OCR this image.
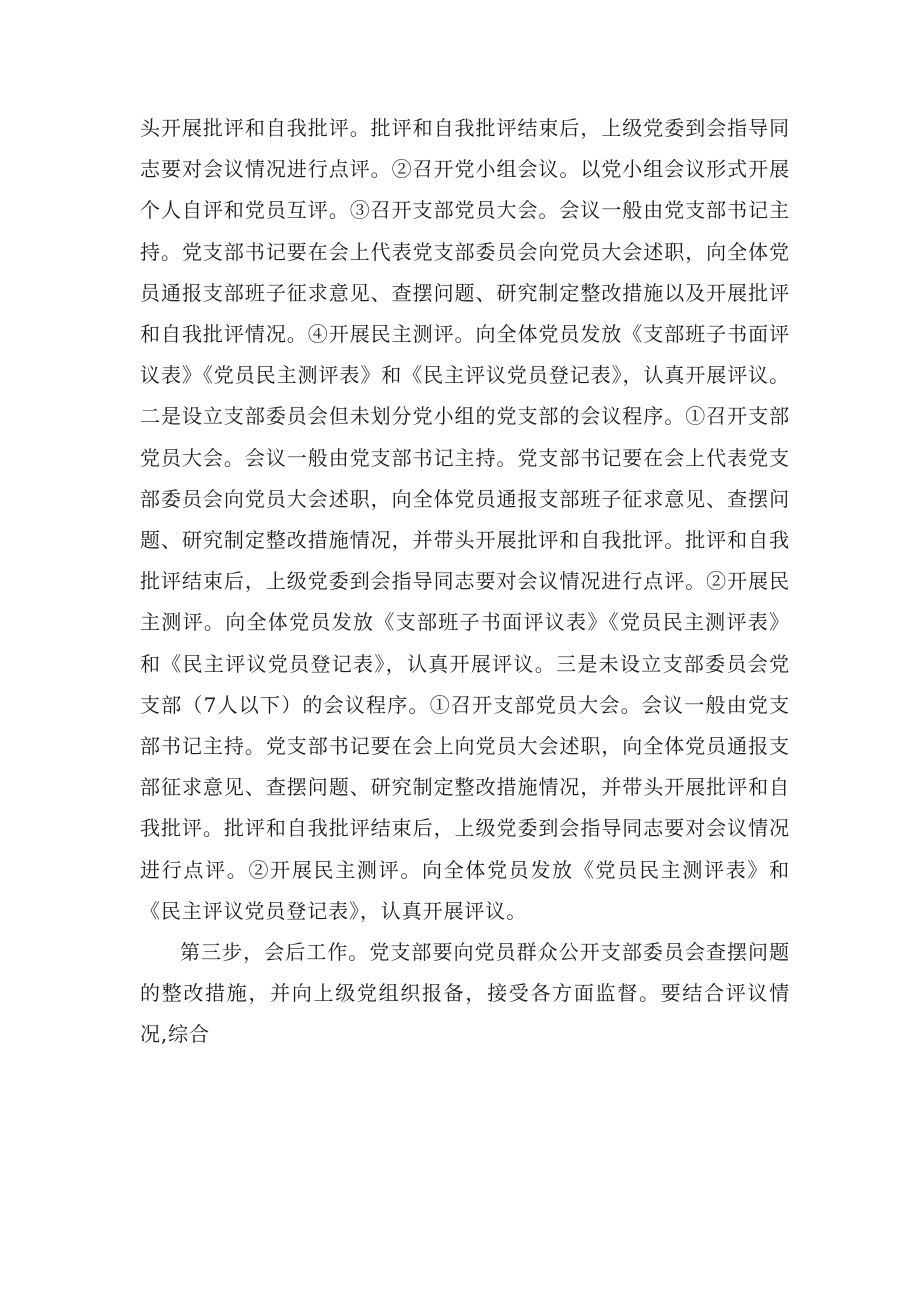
头开展批评和自我批评。批评和自我批评结束后，上级党委到会指导同志要对会议情况进行点评。②召开党小组会议。以党小组会议形式开展个人自评和党员互评。③召开支部党员大会。会议一般由党支部书记主持。党支部书记要在会上代表党支部委员会向党员大会述职，向全体党员通报支部班子征求意见、查摆问题、研究制定整改措施以及开展批评和自我批评情况。④开展民主测评。向全体党员发放《支部班子书面评议表》《党员民主测评表》和《民主评议党员登记表》，认真开展评议。二是设立支部委员会但未划分党小组的党支部的会议程序。①召开支部党员大会。会议一般由党支部书记主持。党支部书记要在会上代表党支部委员会向党员大会述职，向全体党员通报支部班子征求意见、查摆问题、研究制定整改措施情况，并带头开展批评和自我批评。批评和自我批评结束后，上级党委到会指导同志要对会议情况进行点评。②开展民主测评。向全体党员发放《支部班子书面评议表》《党员民主测评表》和《民主评议党员登记表》，认真开展评议。三是未设立支部委员会党支部（7人以下）的会议程序。①召开支部党员大会。会议一般由党支部书记主持。党支部书记要在会上向党员大会述职，向全体党员通报支部征求意见、查摆问题、研究制定整改措施情况，并带头开展批评和自我批评。批评和自我批评结束后，上级党委到会指导同志要对会议情况进行点评。②开展民主测评。向全体党员发放《党员民主测评表》和《民主评议党员登记表》，认真开展评议。

第三步，会后工作。党支部要向党员群众公开支部委员会查摆问题的整改措施，并向上级党组织报备，接受各方面监督。要结合评议情况,综合
